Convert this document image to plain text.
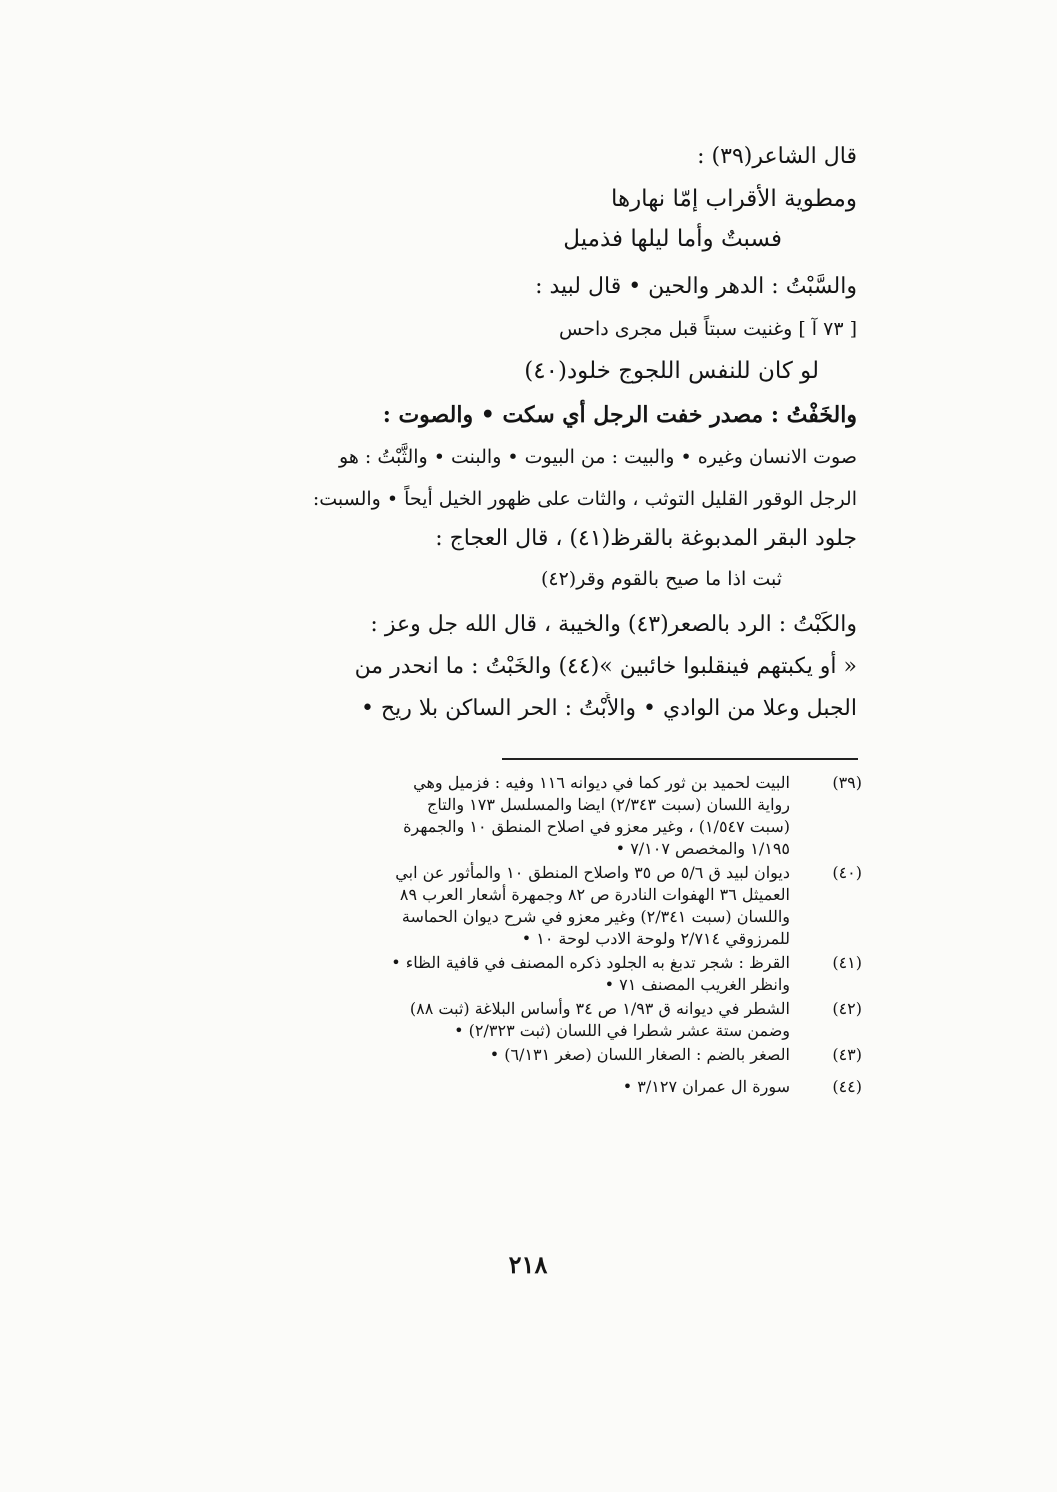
قال الشاعر(٣٩) :
ومطوية الأقراب إمّا نهارها
فسبتٌ وأما ليلها فذميل
والسَّبْتُ : الدهر والحين • قال لبيد :
[ ٧٣ آ ] وغنيت سبتاً قبل مجرى داحس
لو كان للنفس اللجوج خلود(٤٠)
والخَفْتُ : مصدر خفت الرجل أي سكت • والصوت :
صوت الانسان وغيره • والبيت : من البيوت • والبنت • والثَّبْتُ : هو
الرجل الوقور القليل التوثب ، والثات على ظهور الخيل أيحاً • والسبت:
جلود البقر المدبوغة بالقرظ(٤١) ، قال العجاج :
ثبت اذا ما صيح بالقوم وقر(٤٢)
والكَبْتُ : الرد بالصعر(٤٣) والخيبة ، قال الله جل وعز :
« أو يكبتهم فينقلبوا خائبين »(٤٤) والخَبْتُ : ما انحدر من
الجبل وعلا من الوادي • والأَبْتُ : الحر الساكن بلا ريح •
(٣٩)
البيت لحميد بن ثور كما في ديوانه ١١٦ وفيه : فزميل وهي
رواية اللسان (سبت ٢/٣٤٣) ايضا والمسلسل ١٧٣ والتاج
(سبت ١/٥٤٧) ، وغير معزو في اصلاح المنطق ١٠ والجمهرة
١/١٩٥ والمخصص ٧/١٠٧ •
(٤٠)
ديوان لبيد ق ٥/٦ ص ٣٥ واصلاح المنطق ١٠ والمأثور عن ابي
العميثل ٣٦ الهفوات النادرة ص ٨٢ وجمهرة أشعار العرب ٨٩
واللسان (سبت ٢/٣٤١) وغير معزو في شرح ديوان الحماسة
للمرزوقي ٢/٧١٤ ولوحة الادب لوحة ١٠ •
(٤١)
القرظ : شجر تدبغ به الجلود ذكره المصنف في قافية الظاء •
وانظر الغريب المصنف ٧١ •
(٤٢)
الشطر في ديوانه ق ١/٩٣ ص ٣٤ وأساس البلاغة (ثبت ٨٨)
وضمن ستة عشر شطرا في اللسان (ثبت ٢/٣٢٣) •
(٤٣)
الصغر بالضم : الصغار اللسان (صغر ٦/١٣١) •
(٤٤)
سورة ال عمران ٣/١٢٧ •
٢١٨
